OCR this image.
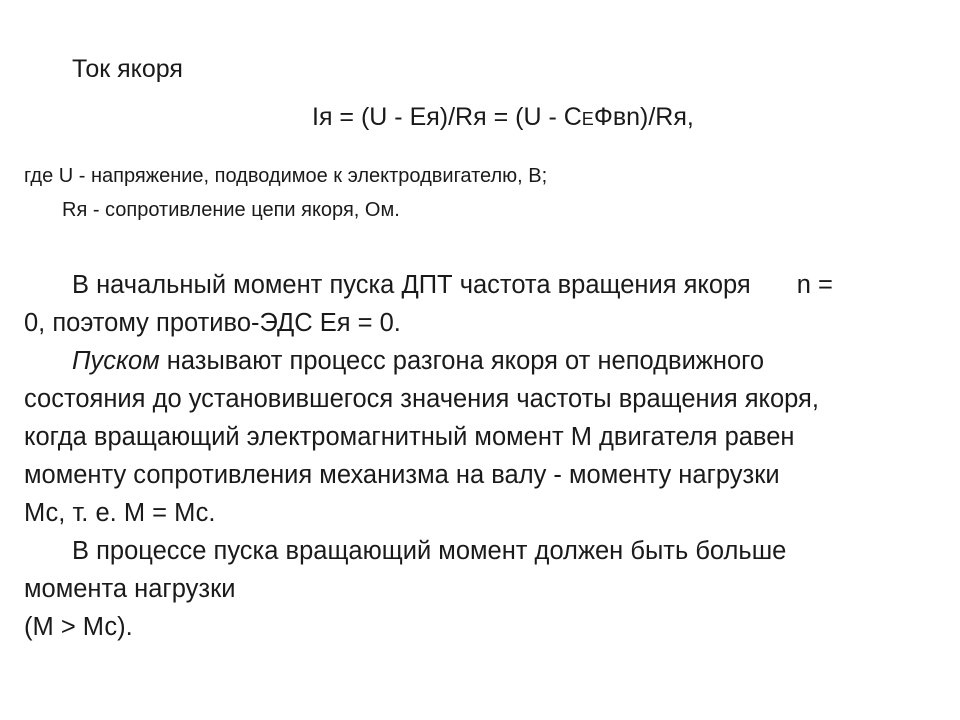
Ток якоря
Iя = (U - Eя)/Rя = (U - CEФвn)/Rя,
где U - напряжение, подводимое к электродвигателю, В;
Rя - сопротивление цепи якоря, Ом.
В начальный момент пуска ДПТ частота вращения якоря n =
0, поэтому противо-ЭДС Eя = 0.
Пуском называют процесс разгона якоря от неподвижного
состояния до установившегося значения частоты вращения якоря,
когда вращающий электромагнитный момент М двигателя равен
моменту сопротивления механизма на валу - моменту нагрузки
Мс, т. е. М = Мс.
В процессе пуска вращающий момент должен быть больше
момента нагрузки
(М > Мс).
